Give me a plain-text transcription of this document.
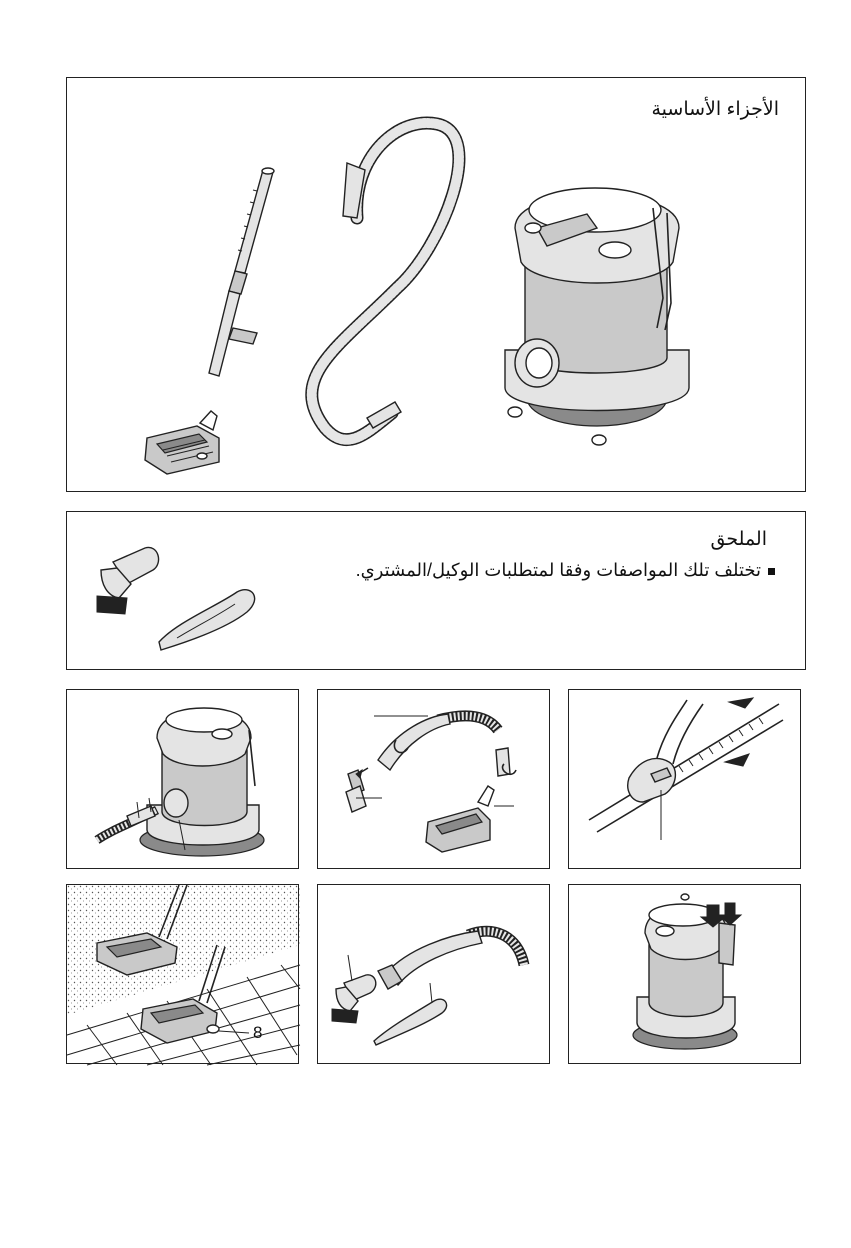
الأجزاء الأساسية
الملحق
تختلف تلك المواصفات وفقا لمتطلبات الوكيل/المشتري.
8
